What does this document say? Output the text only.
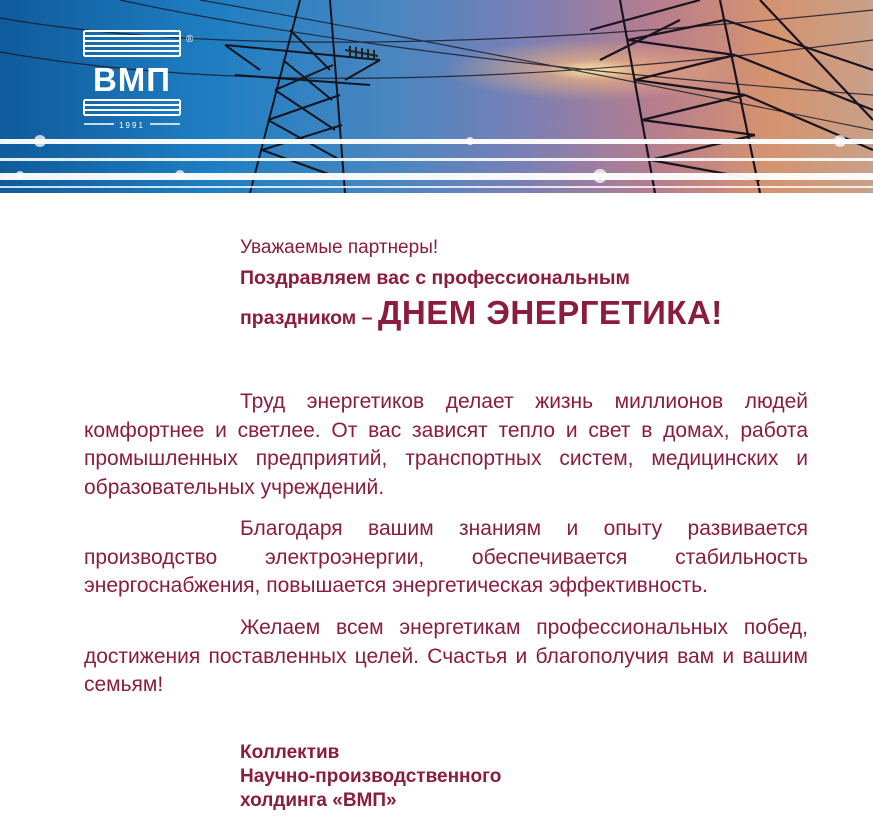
1991
ВМП
®
Уважаемые партнеры!
Поздравляем вас с профессиональным
праздником – ДНЕМ ЭНЕРГЕТИКА!
Труд энергетиков делает жизнь миллионов людей комфортнее и светлее. От вас зависят тепло и свет в домах, работа промышленных предприятий, транспортных систем, медицинских и образовательных учреждений.
Благодаря вашим знаниям и опыту развивается производство электроэнергии, обеспечивается стабильность энергоснабжения, повышается энергетическая эффективность.
Желаем всем энергетикам профессиональных побед, достижения поставленных целей. Счастья и благополучия вам и вашим семьям!
Коллектив
Научно-производственного
холдинга «ВМП»
